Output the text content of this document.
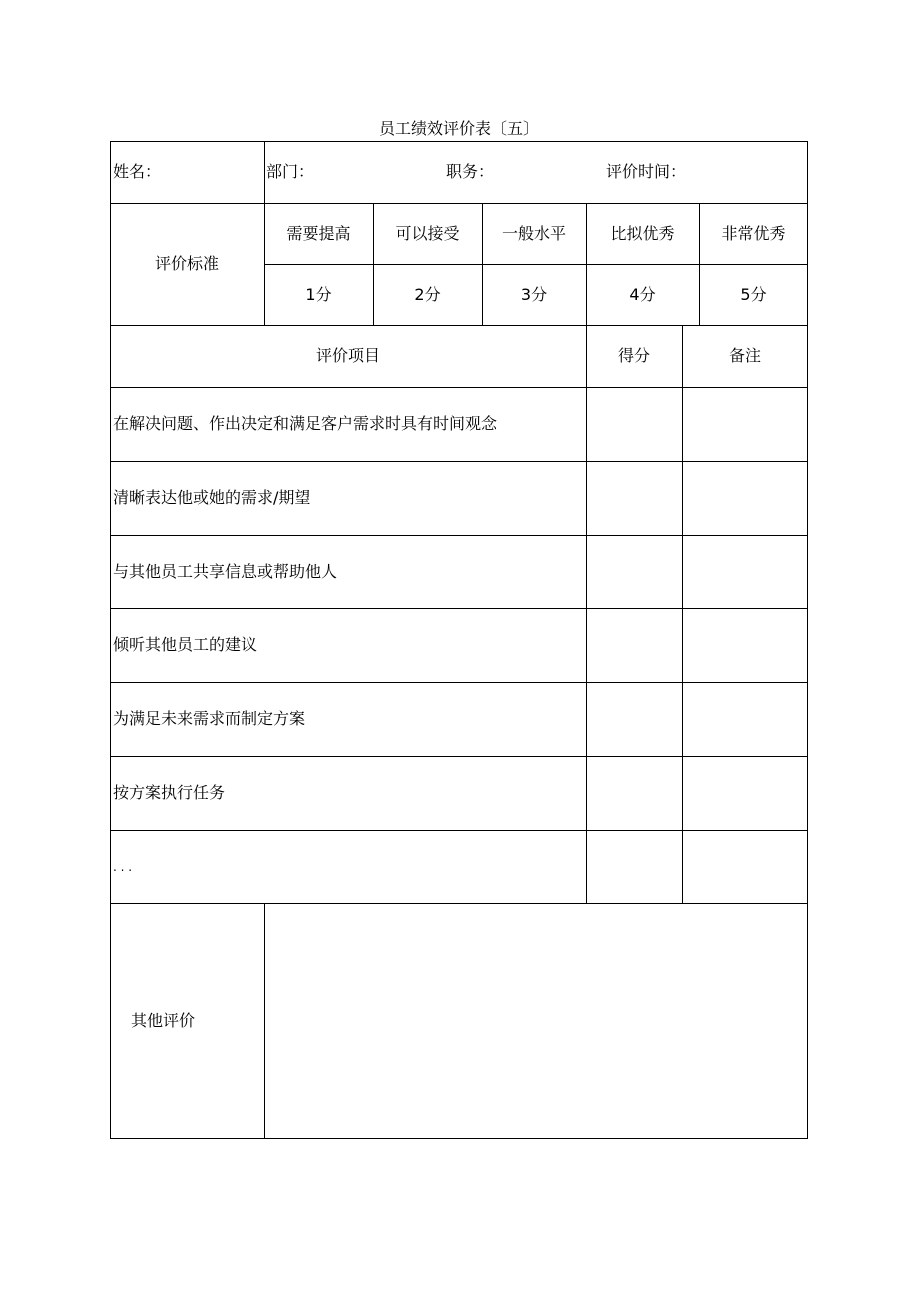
员工绩效评价表〔五〕
姓名：	部门：	职务：	评价时间：
评价标准
需要提高	可以接受	一般水平	比拟优秀	非常优秀
1分	2分	3分	4分	5分
评价项目	得分	备注
在解决问题、作出决定和满足客户需求时具有时间观念
清晰表达他或她的需求/期望
与其他员工共享信息或帮助他人
倾听其他员工的建议
为满足未来需求而制定方案
按方案执行任务
. . .
其他评价
